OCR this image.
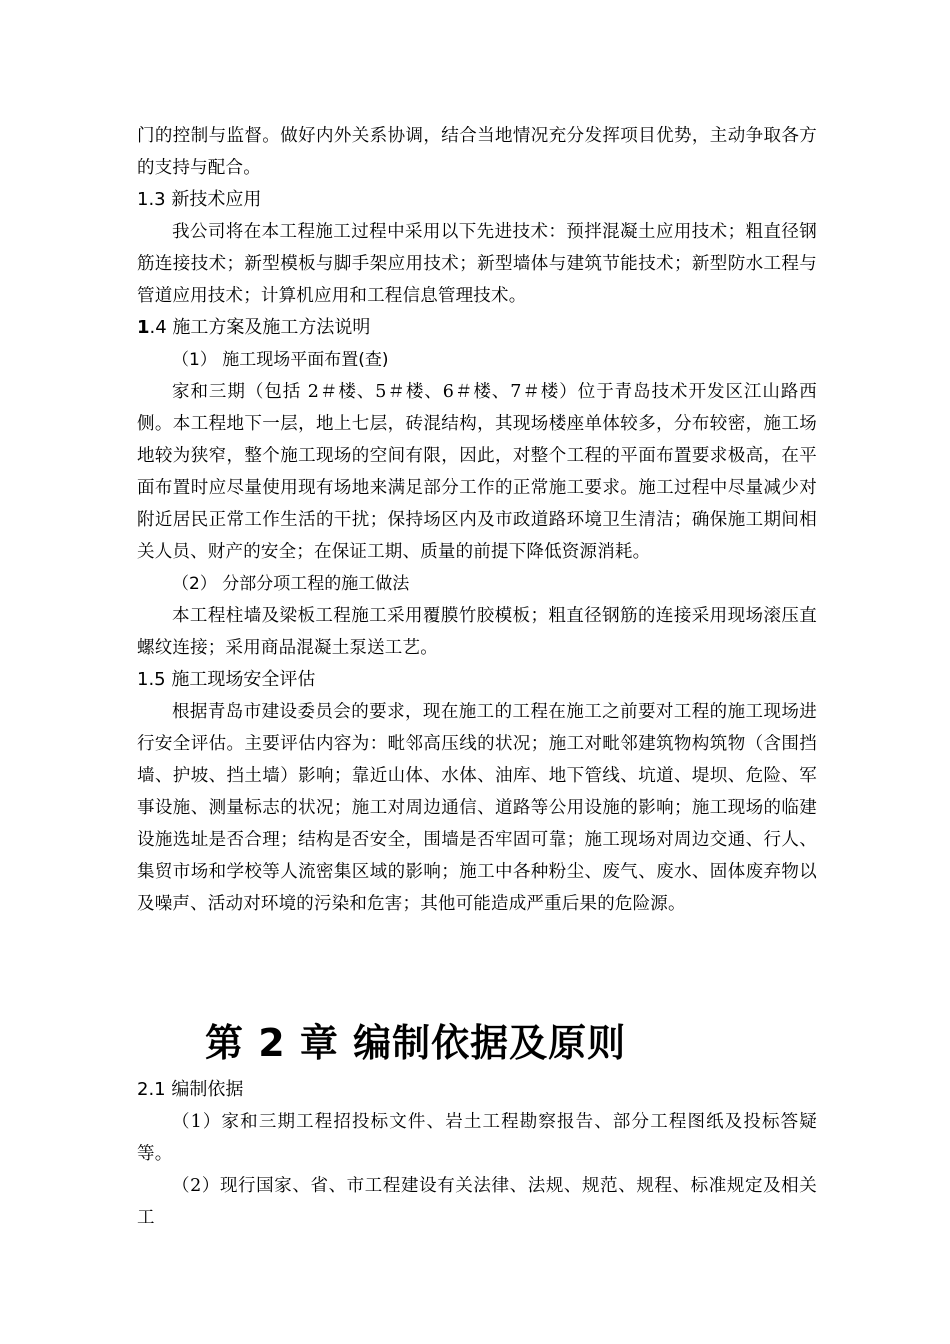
门的控制与监督。做好内外关系协调，结合当地情况充分发挥项目优势，主动争取各方的支持与配合。

1.3 新技术应用

我公司将在本工程施工过程中采用以下先进技术：预拌混凝土应用技术；粗直径钢筋连接技术；新型模板与脚手架应用技术；新型墙体与建筑节能技术；新型防水工程与管道应用技术；计算机应用和工程信息管理技术。

1.4 施工方案及施工方法说明
（1） 施工现场平面布置(查)

家和三期（包括 2＃楼、5＃楼、6＃楼、7＃楼）位于青岛技术开发区江山路西侧。本工程地下一层，地上七层，砖混结构，其现场楼座单体较多，分布较密，施工场地较为狭窄，整个施工现场的空间有限，因此，对整个工程的平面布置要求极高，在平面布置时应尽量使用现有场地来满足部分工作的正常施工要求。施工过程中尽量减少对附近居民正常工作生活的干扰；保持场区内及市政道路环境卫生清洁；确保施工期间相关人员、财产的安全；在保证工期、质量的前提下降低资源消耗。

（2） 分部分项工程的施工做法

本工程柱墙及梁板工程施工采用覆膜竹胶模板；粗直径钢筋的连接采用现场滚压直螺纹连接；采用商品混凝土泵送工艺。

1.5 施工现场安全评估

根据青岛市建设委员会的要求，现在施工的工程在施工之前要对工程的施工现场进行安全评估。主要评估内容为：毗邻高压线的状况；施工对毗邻建筑物构筑物（含围挡墙、护坡、挡土墙）影响；靠近山体、水体、油库、地下管线、坑道、堤坝、危险、军事设施、测量标志的状况；施工对周边通信、道路等公用设施的影响；施工现场的临建设施选址是否合理；结构是否安全，围墙是否牢固可靠；施工现场对周边交通、行人、集贸市场和学校等人流密集区域的影响；施工中各种粉尘、废气、废水、固体废弃物以及噪声、活动对环境的污染和危害；其他可能造成严重后果的危险源。

第 2 章 编制依据及原则
2.1 编制依据

（1）家和三期工程招投标文件、岩土工程勘察报告、部分工程图纸及投标答疑等。

（2）现行国家、省、市工程建设有关法律、法规、规范、规程、标准规定及相关工
